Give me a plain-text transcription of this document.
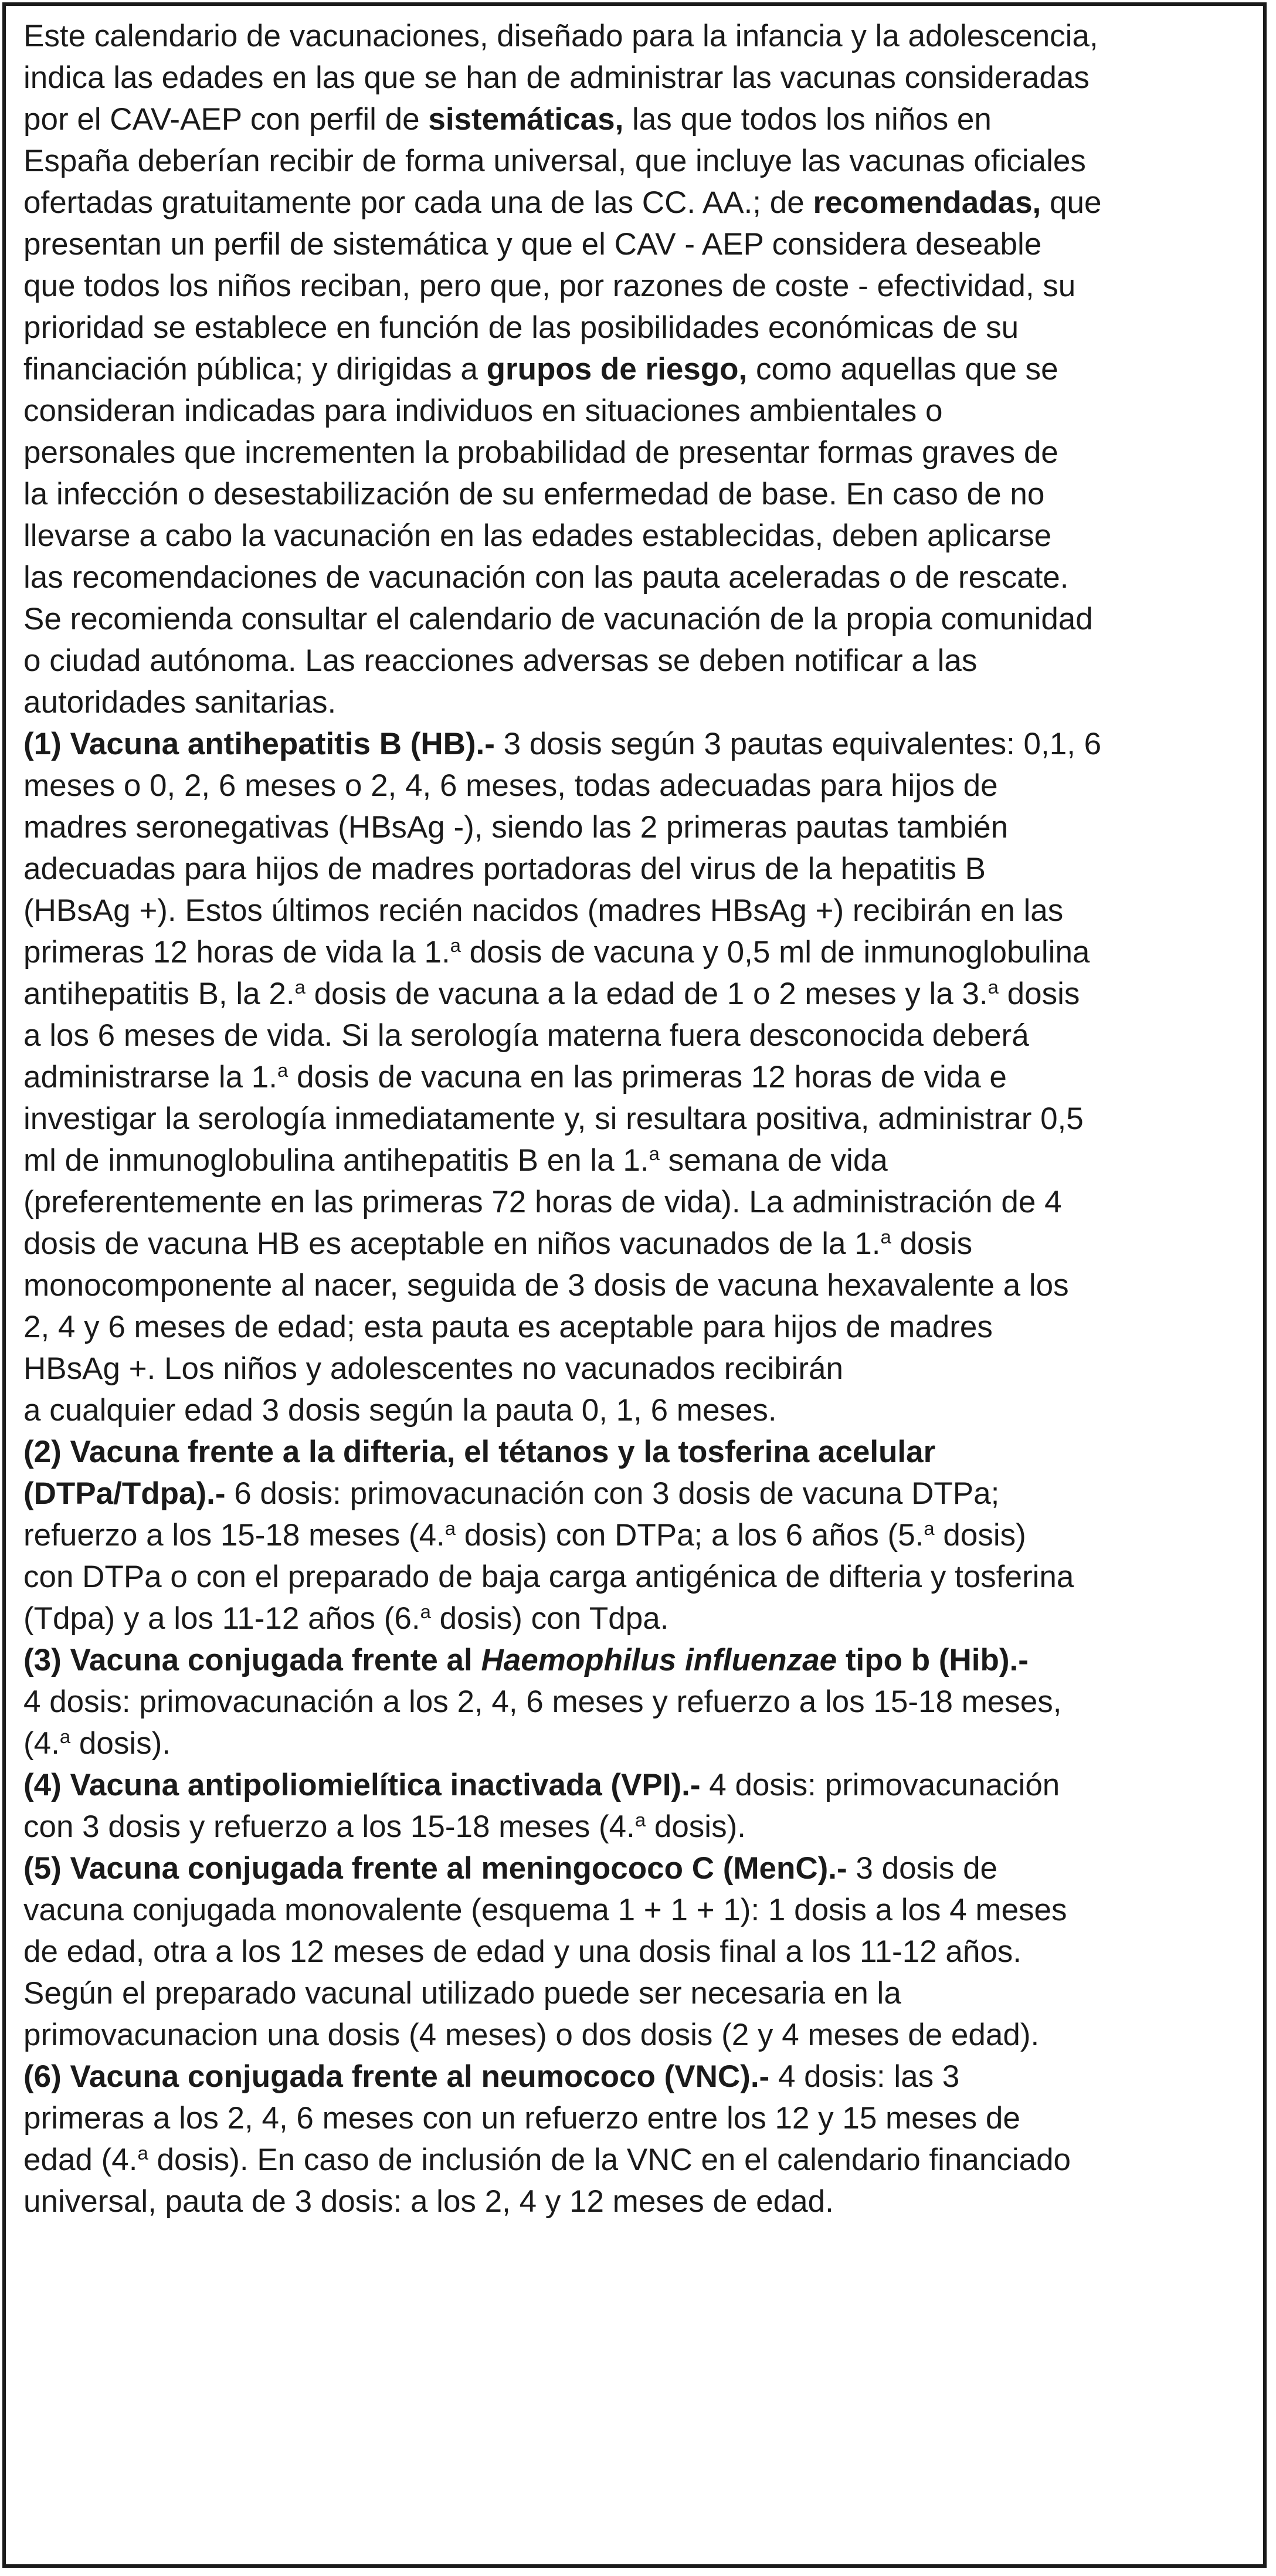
Este calendario de vacunaciones, diseñado para la infancia y la adolescencia,
indica las edades en las que se han de administrar las vacunas consideradas
por el CAV-AEP con perfil de sistemáticas, las que todos los niños en
España deberían recibir de forma universal, que incluye las vacunas oficiales
ofertadas gratuitamente por cada una de las CC. AA.; de recomendadas, que
presentan un perfil de sistemática y que el CAV - AEP considera deseable
que todos los niños reciban, pero que, por razones de coste - efectividad, su
prioridad se establece en función de las posibilidades económicas de su
financiación pública; y dirigidas a grupos de riesgo, como aquellas que se
consideran indicadas para individuos en situaciones ambientales o
personales que incrementen la probabilidad de presentar formas graves de
la infección o desestabilización de su enfermedad de base. En caso de no
llevarse a cabo la vacunación en las edades establecidas, deben aplicarse
las recomendaciones de vacunación con las pauta aceleradas o de rescate.
Se recomienda consultar el calendario de vacunación de la propia comunidad
o ciudad autónoma. Las reacciones adversas se deben notificar a las
autoridades sanitarias.

(1) Vacuna antihepatitis B (HB).- 3 dosis según 3 pautas equivalentes: 0,1, 6
meses o 0, 2, 6 meses o 2, 4, 6 meses, todas adecuadas para hijos de
madres seronegativas (HBsAg -), siendo las 2 primeras pautas también
adecuadas para hijos de madres portadoras del virus de la hepatitis B
(HBsAg +). Estos últimos recién nacidos (madres HBsAg +) recibirán en las
primeras 12 horas de vida la 1.$^a$ dosis de vacuna y 0,5 ml de inmunoglobulina
antihepatitis B, la 2.$^a$ dosis de vacuna a la edad de 1 o 2 meses y la 3.$^a$ dosis
a los 6 meses de vida. Si la serología materna fuera desconocida deberá
administrarse la 1.$^a$ dosis de vacuna en las primeras 12 horas de vida e
investigar la serología inmediatamente y, si resultara positiva, administrar 0,5
ml de inmunoglobulina antihepatitis B en la 1.$^a$ semana de vida
(preferentemente en las primeras 72 horas de vida). La administración de 4
dosis de vacuna HB es aceptable en niños vacunados de la 1.$^a$ dosis
monocomponente al nacer, seguida de 3 dosis de vacuna hexavalente a los
2, 4 y 6 meses de edad; esta pauta es aceptable para hijos de madres
HBsAg +. Los niños y adolescentes no vacunados recibirán
a cualquier edad 3 dosis según la pauta 0, 1, 6 meses.

(2) Vacuna frente a la difteria, el tétanos y la tosferina acelular
(DTPa/Tdpa).- 6 dosis: primovacunación con 3 dosis de vacuna DTPa;
refuerzo a los 15-18 meses (4.$^a$ dosis) con DTPa; a los 6 años (5.$^a$ dosis)
con DTPa o con el preparado de baja carga antigénica de difteria y tosferina
(Tdpa) y a los 11-12 años (6.$^a$ dosis) con Tdpa.

(3) Vacuna conjugada frente al Haemophilus influenzae tipo b (Hib).-
4 dosis: primovacunación a los 2, 4, 6 meses y refuerzo a los 15-18 meses,
(4.$^a$ dosis).

(4) Vacuna antipoliomielítica inactivada (VPI).- 4 dosis: primovacunación
con 3 dosis y refuerzo a los 15-18 meses (4.$^a$ dosis).

(5) Vacuna conjugada frente al meningococo C (MenC).- 3 dosis de
vacuna conjugada monovalente (esquema 1 + 1 + 1): 1 dosis a los 4 meses
de edad, otra a los 12 meses de edad y una dosis final a los 11-12 años.
Según el preparado vacunal utilizado puede ser necesaria en la
primovacunacion una dosis (4 meses) o dos dosis (2 y 4 meses de edad).

(6) Vacuna conjugada frente al neumococo (VNC).- 4 dosis: las 3
primeras a los 2, 4, 6 meses con un refuerzo entre los 12 y 15 meses de
edad (4.$^a$ dosis). En caso de inclusión de la VNC en el calendario financiado
universal, pauta de 3 dosis: a los 2, 4 y 12 meses de edad.
